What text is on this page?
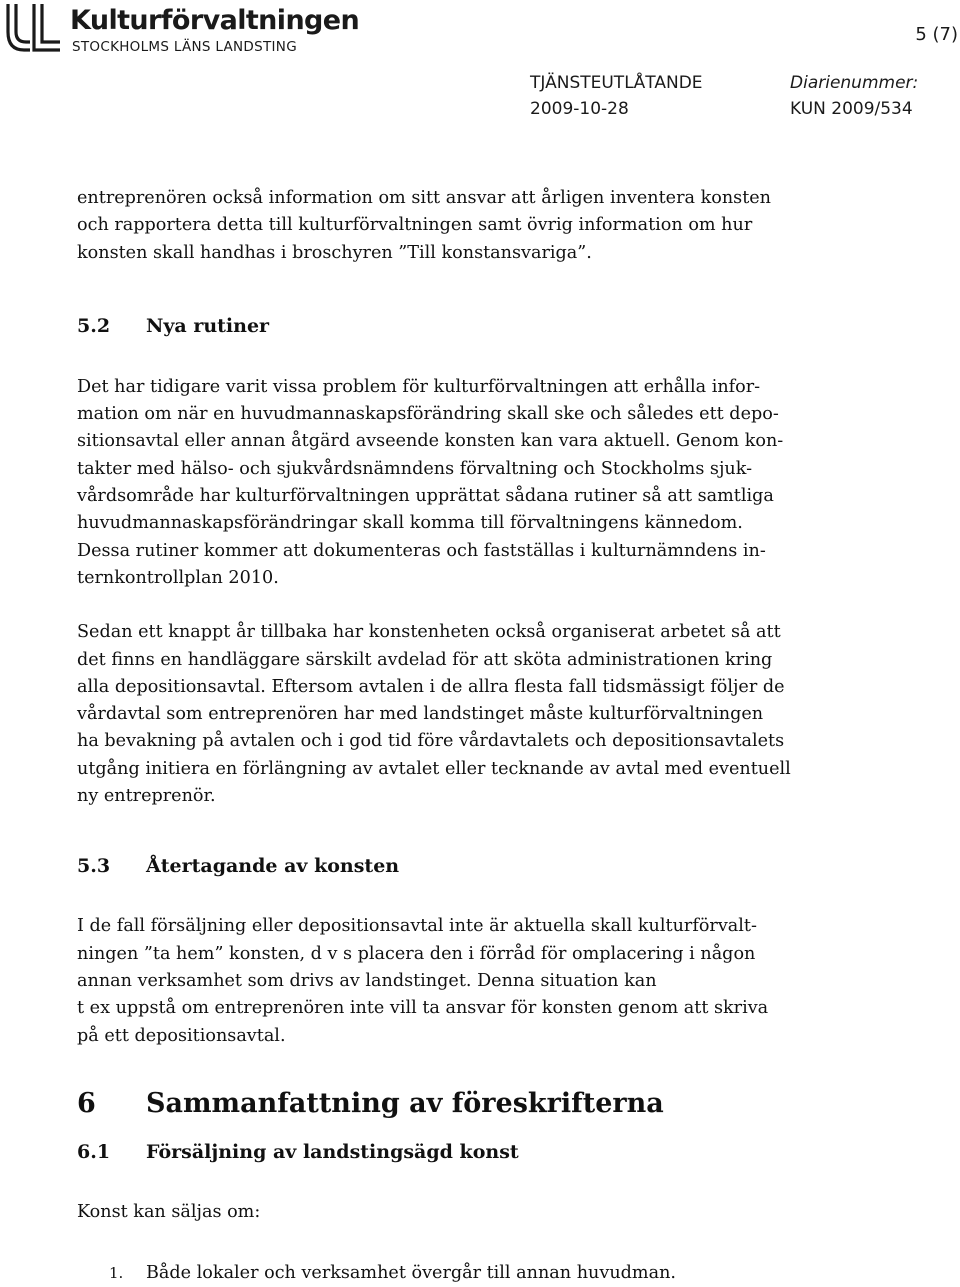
Kulturförvaltningen
STOCKHOLMS LÄNS LANDSTING
5 (7)
TJÄNSTEUTLÅTANDE
2009-10-28
Diarienummer:
KUN 2009/534

entreprenören också information om sitt ansvar att årligen inventera konsten
och rapportera detta till kulturförvaltningen samt övrig information om hur
konsten skall handhas i broschyren ”Till konstansvariga”.

5.2 Nya rutiner

Det har tidigare varit vissa problem för kulturförvaltningen att erhålla infor-
mation om när en huvudmannaskapsförändring skall ske och således ett depo-
sitionsavtal eller annan åtgärd avseende konsten kan vara aktuell. Genom kon-
takter med hälso- och sjukvårdsnämndens förvaltning och Stockholms sjuk-
vårdsområde har kulturförvaltningen upprättat sådana rutiner så att samtliga
huvudmannaskapsförändringar skall komma till förvaltningens kännedom.
Dessa rutiner kommer att dokumenteras och fastställas i kulturnämndens in-
ternkontrollplan 2010.

Sedan ett knappt år tillbaka har konstenheten också organiserat arbetet så att
det finns en handläggare särskilt avdelad för att sköta administrationen kring
alla depositionsavtal. Eftersom avtalen i de allra flesta fall tidsmässigt följer de
vårdavtal som entreprenören har med landstinget måste kulturförvaltningen
ha bevakning på avtalen och i god tid före vårdavtalets och depositionsavtalets
utgång initiera en förlängning av avtalet eller tecknande av avtal med eventuell
ny entreprenör.

5.3 Återtagande av konsten

I de fall försäljning eller depositionsavtal inte är aktuella skall kulturförvalt-
ningen ”ta hem” konsten, d v s placera den i förråd för omplacering i någon
annan verksamhet som drivs av landstinget. Denna situation kan
t ex uppstå om entreprenören inte vill ta ansvar för konsten genom att skriva
på ett depositionsavtal.

6 Sammanfattning av föreskrifterna
6.1 Försäljning av landstingsägd konst

Konst kan säljas om:

1. Både lokaler och verksamhet övergår till annan huvudman.
